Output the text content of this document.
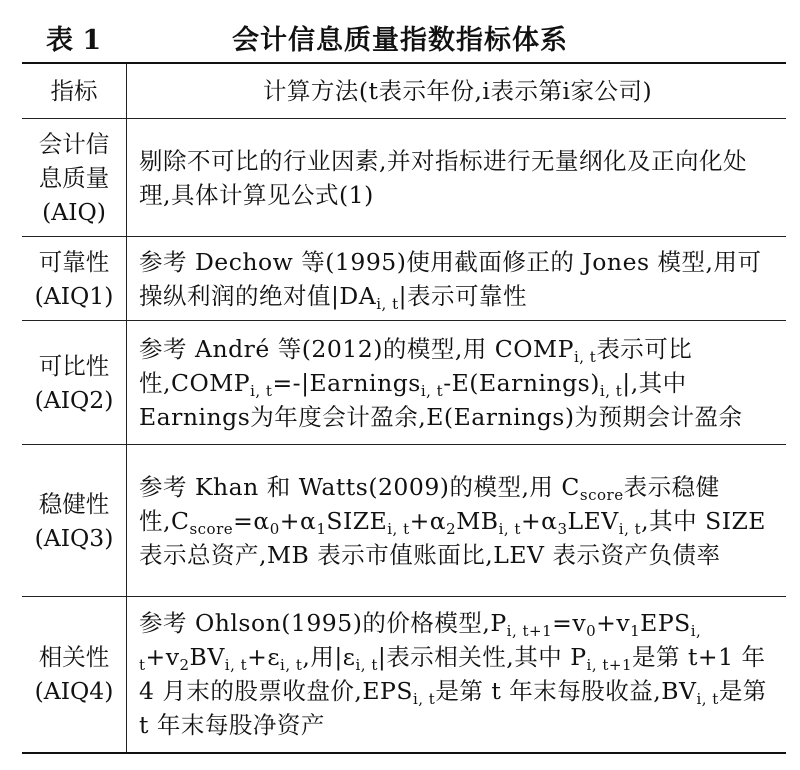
表 1	会计信息质量指数指标体系
指标	计算方法(t表示年份,i表示第i家公司)

会计信
息质量
(AIQ)	剔除不可比的行业因素,并对指标进行无量纲化及正向化处理,具体计算见公式(1)

可靠性
(AIQ1)	参考 Dechow 等(1995)使用截面修正的 Jones 模型,用可操纵利润的绝对值$|DA_{i, t}|$表示可靠性

可比性
(AIQ2)	参考 André 等(2012)的模型,用 $COMP_{i, t}$表示可比性$,COMP_{i, t}=-|Earnings_{i, t}-E(Earnings)_{i, t}|$,其中 Earnings为年度会计盈余,E(Earnings)为预期会计盈余

稳健性
(AIQ3)	参考 Khan 和 Watts(2009)的模型,用 $C_{score}$表示稳健性$,C_{score}=\alpha_0+\alpha_1SIZE_{i, t}+\alpha_2MB_{i, t}+\alpha_3LEV_{i, t}$,其中 SIZE 表示总资产,MB 表示市值账面比,LEV 表示资产负债率

相关性
(AIQ4)	参考 Ohlson(1995)的价格模型$,P_{i, t+1}=v_0+v_1EPS_{i, t}+v_2BV_{i, t}+\varepsilon_{i, t}$,用$|\varepsilon_{i, t}|$表示相关性,其中 $P_{i, t+1}$是第 t+1 年 4 月末的股票收盘价$,EPS_{i, t}$是第 t 年末每股收益$,BV_{i, t}$是第 t 年末每股净资产
